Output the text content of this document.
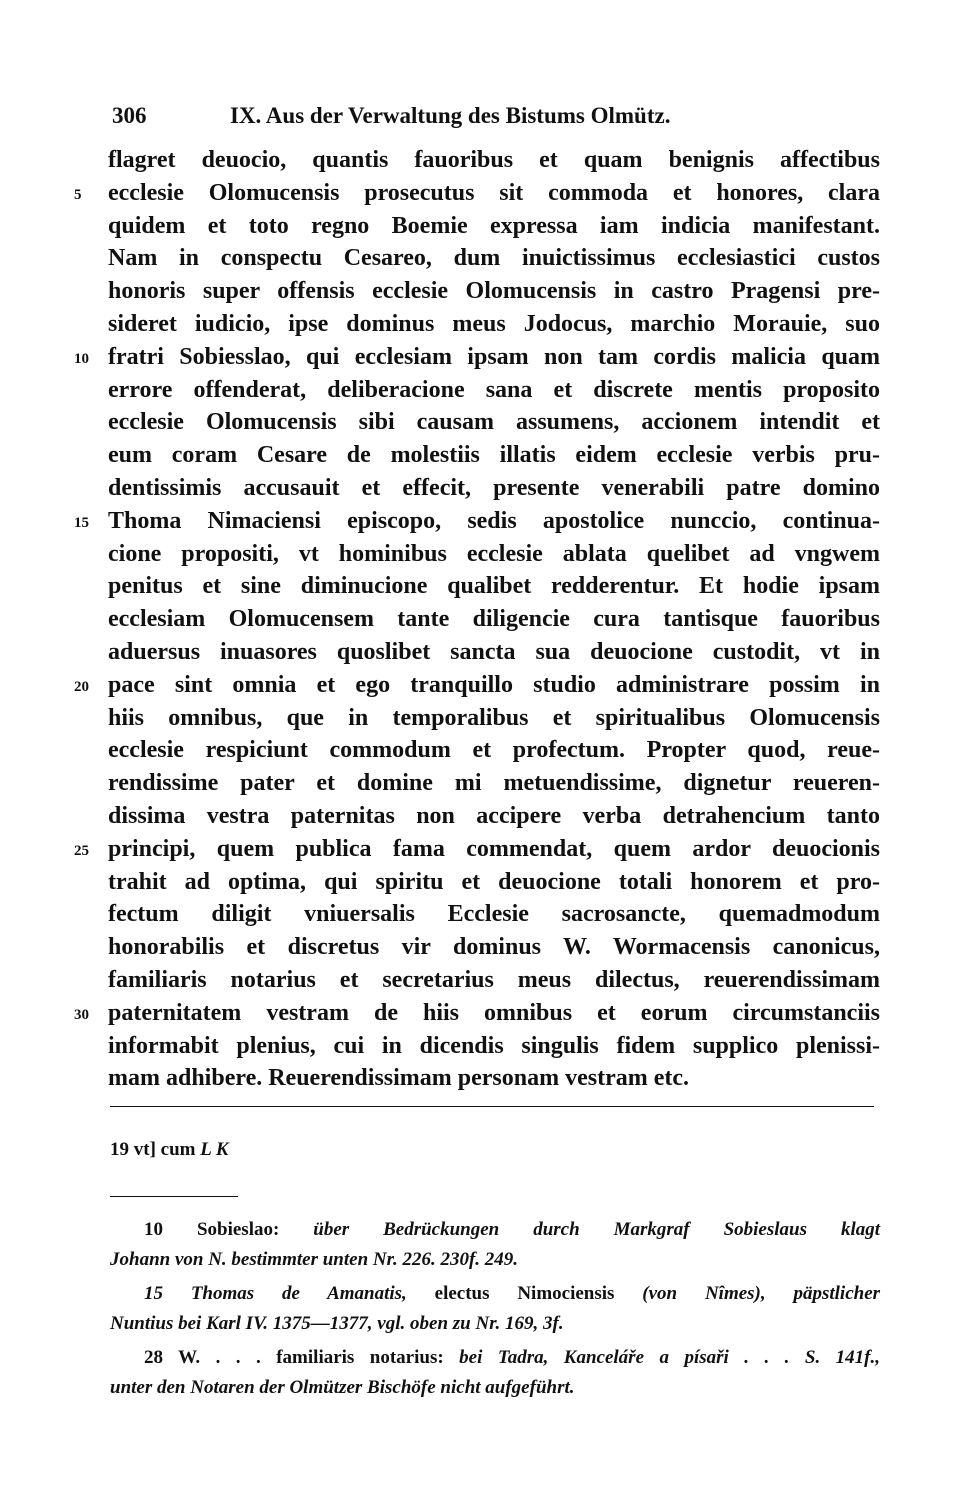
306	IX. Aus der Verwaltung des Bistums Olmütz.
flagret deuocio, quantis fauoribus et quam benignis affectibus
5	ecclesie Olomucensis prosecutus sit commoda et honores, clara
quidem et toto regno Boemie expressa iam indicia manifestant.
Nam in conspectu Cesareo, dum inuictissimus ecclesiastici custos
honoris super offensis ecclesie Olomucensis in castro Pragensi pre-
sideret iudicio, ipse dominus meus Jodocus, marchio Morauie, suo
10 fratri Sobiesslao, qui ecclesiam ipsam non tam cordis malicia quam
errore offenderat, deliberacione sana et discrete mentis proposito
ecclesie Olomucensis sibi causam assumens, accionem intendit et
eum coram Cesare de molestiis illatis eidem ecclesie verbis pru-
dentissimis accusauit et effecit, presente venerabili patre domino
15 Thoma Nimaciensi episcopo, sedis apostolice nunccio, continua-
cione propositi, vt hominibus ecclesie ablata quelibet ad vngwem
penitus et sine diminucione qualibet redderentur. Et hodie ipsam
ecclesiam Olomucensem tante diligencie cura tantisque fauoribus
aduersus inuasores quoslibet sancta sua deuocione custodit, vt in
20 pace sint omnia et ego tranquillo studio administrare possim in
hiis omnibus, que in temporalibus et spiritualibus Olomucensis
ecclesie respiciunt commodum et profectum. Propter quod, reue-
rendissime pater et domine mi metuendissime, dignetur reueren-
dissima vestra paternitas non accipere verba detrahencium tanto
25 principi, quem publica fama commendat, quem ardor deuocionis
trahit ad optima, qui spiritu et deuocione totali honorem et pro-
fectum diligit vniuersalis Ecclesie sacrosancte, quemadmodum
honorabilis et discretus vir dominus W. Wormacensis canonicus,
familiaris notarius et secretarius meus dilectus, reuerendissimam
30 paternitatem vestram de hiis omnibus et eorum circumstanciis
informabit plenius, cui in dicendis singulis fidem supplico plenissi-
mam adhibere. Reuerendissimam personam vestram etc.
19 vt] cum L K
10 Sobieslao: über Bedrückungen durch Markgraf Sobieslaus klagt
Johann von N. bestimmter unten Nr. 226. 230f. 249.
15 Thomas de Amanatis, electus Nimociensis (von Nîmes), päpstlicher
Nuntius bei Karl IV. 1375—1377, vgl. oben zu Nr. 169, 3f.
28 W. . . . familiaris notarius: bei Tadra, Kanceláře a písaři . . . S. 141f.,
unter den Notaren der Olmützer Bischöfe nicht aufgeführt.
